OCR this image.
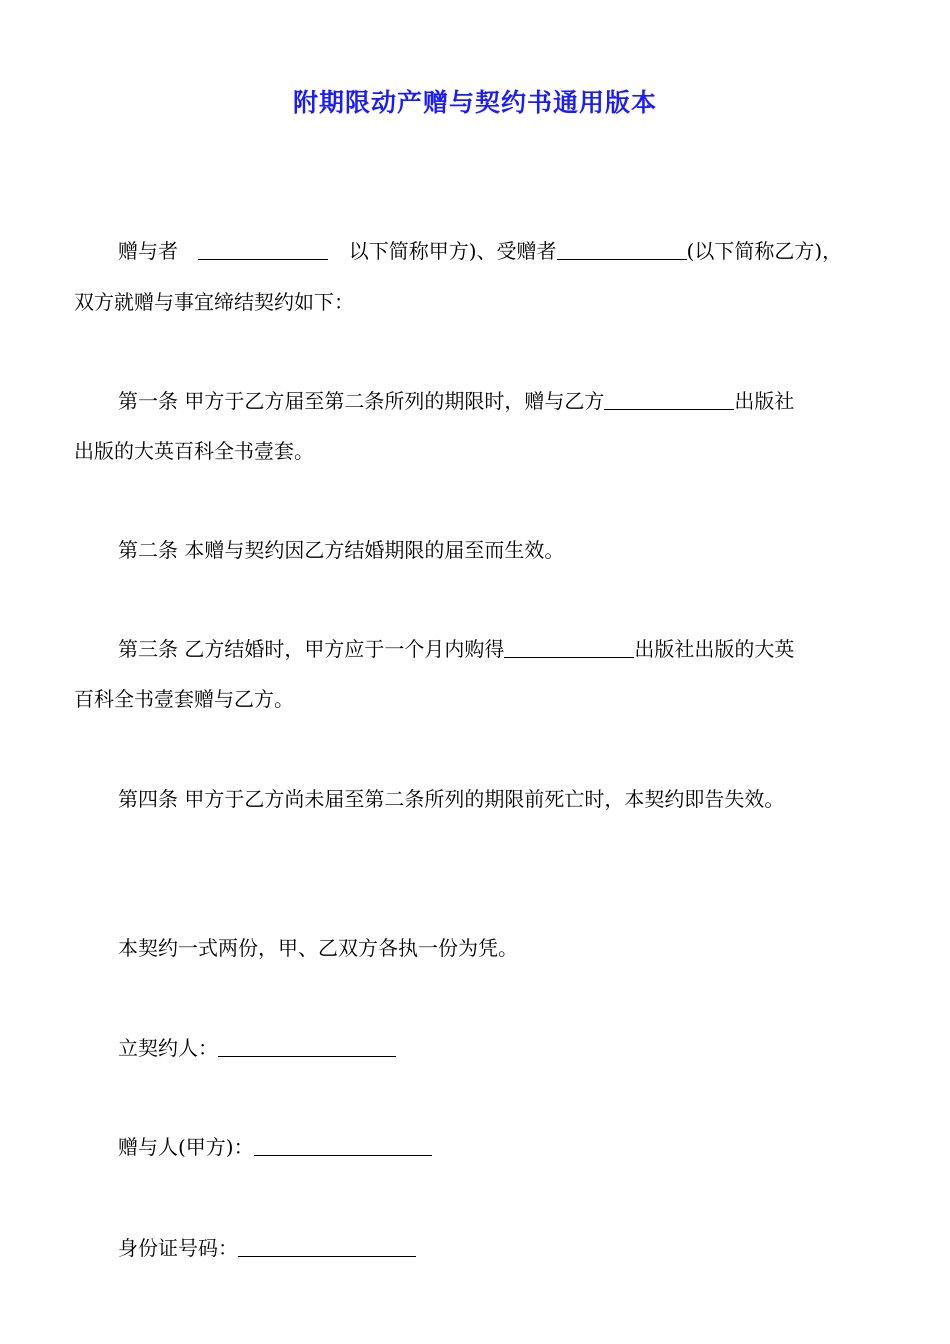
附期限动产赠与契约书通用版本
赠与者	以下简称甲方)、受赠者	(以下简称乙方)，
双方就赠与事宜缔结契约如下：
第一条 甲方于乙方届至第二条所列的期限时，赠与乙方	出版社
出版的大英百科全书壹套。
第二条 本赠与契约因乙方结婚期限的届至而生效。
第三条 乙方结婚时，甲方应于一个月内购得	出版社出版的大英
百科全书壹套赠与乙方。
第四条 甲方于乙方尚未届至第二条所列的期限前死亡时，本契约即告失效。
本契约一式两份，甲、乙双方各执一份为凭。
立契约人：
赠与人(甲方)：
身份证号码：
